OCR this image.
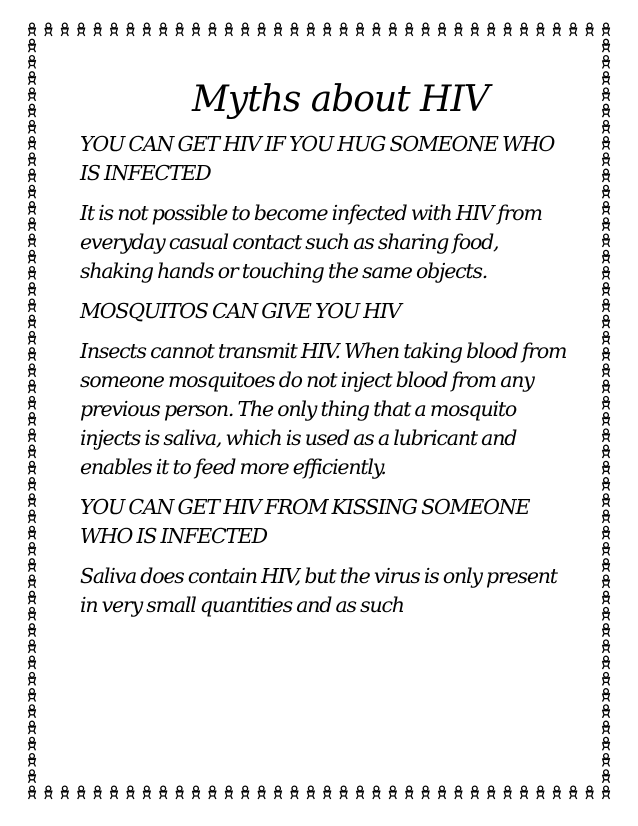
Myths about HIV
YOU CAN GET HIV IF YOU HUG SOMEONE WHO IS INFECTED
It is not possible to become infected with HIV from everyday casual contact such as sharing food, shaking hands or touching the same objects.
MOSQUITOS CAN GIVE YOU HIV
Insects cannot transmit HIV. When taking blood from someone mosquitoes do not inject blood from any previous person. The only thing that a mosquito injects is saliva, which is used as a lubricant and enables it to feed more efficiently.
YOU CAN GET HIV FROM KISSING SOMEONE WHO IS INFECTED
Saliva does contain HIV, but the virus is only present in very small quantities and as such
